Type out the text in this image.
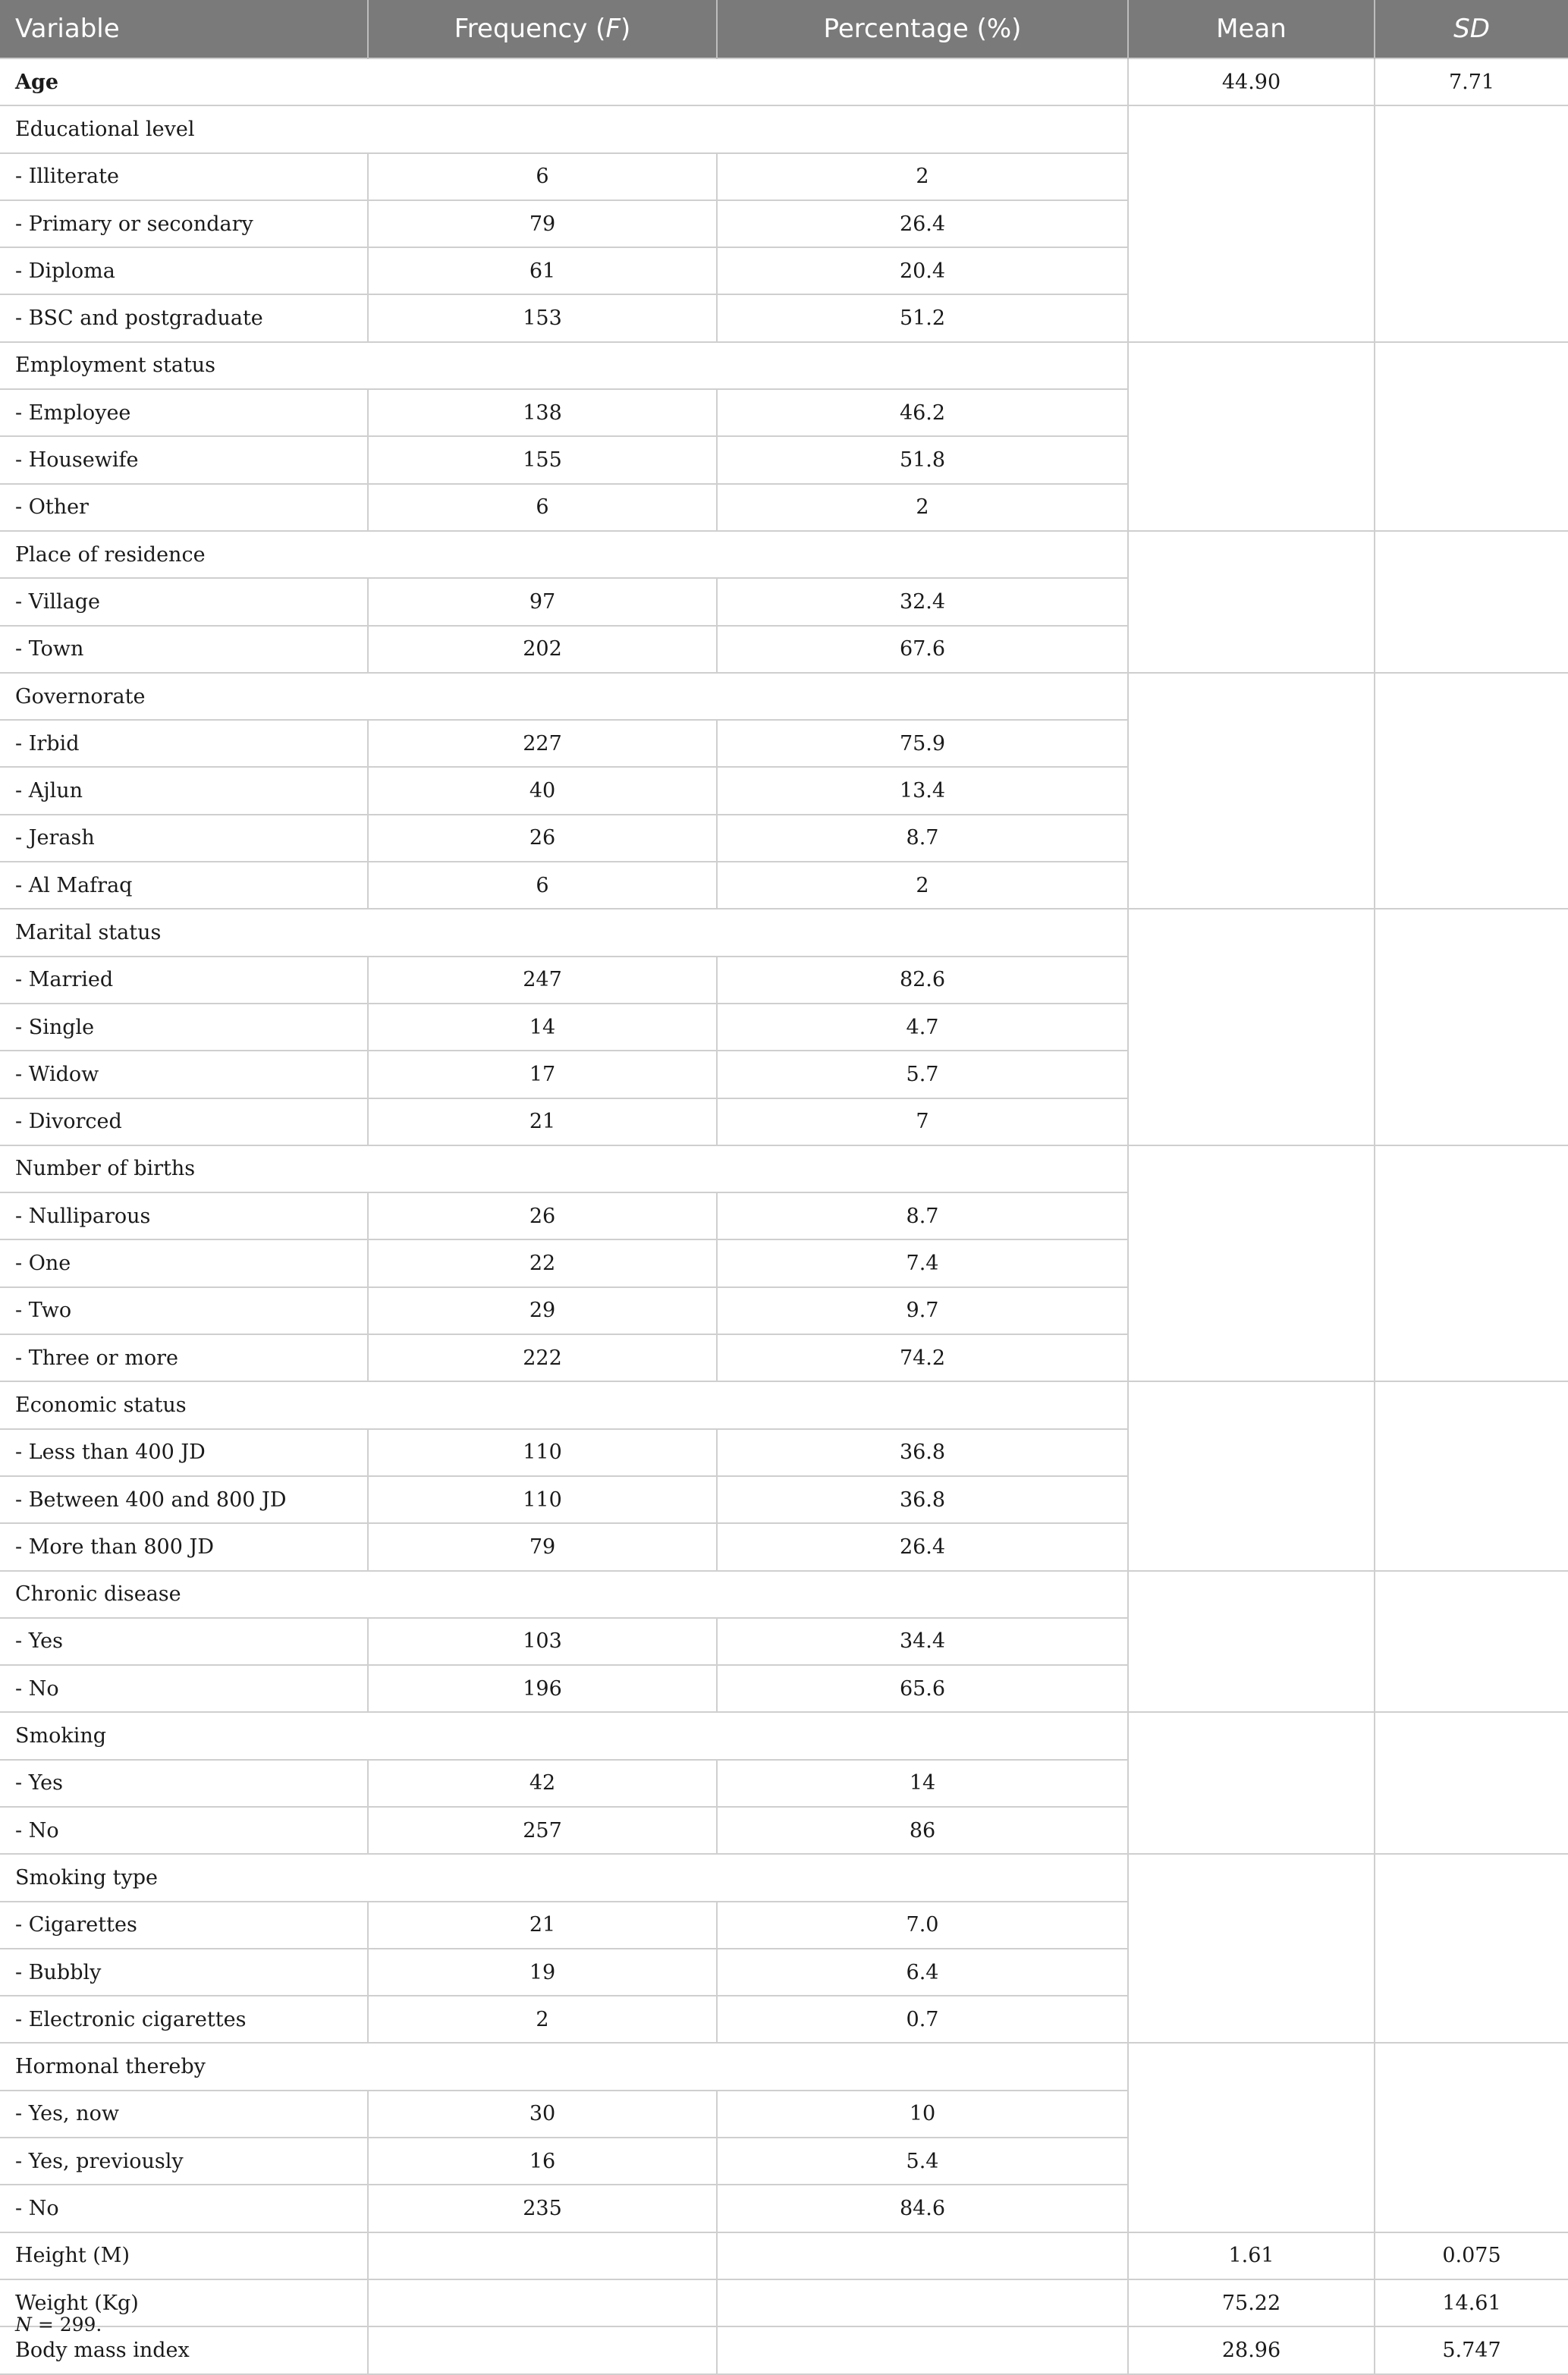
Variable	Frequency (F)	Percentage (%)	Mean	SD
Age			44.90	7.71
Educational level				
- Illiterate	6	2		
- Primary or secondary	79	26.4		
- Diploma	61	20.4		
- BSC and postgraduate	153	51.2		
Employment status				
- Employee	138	46.2		
- Housewife	155	51.8		
- Other	6	2		
Place of residence				
- Village	97	32.4		
- Town	202	67.6		
Governorate				
- Irbid	227	75.9		
- Ajlun	40	13.4		
- Jerash	26	8.7		
- Al Mafraq	6	2		
Marital status				
- Married	247	82.6		
- Single	14	4.7		
- Widow	17	5.7		
- Divorced	21	7		
Number of births				
- Nulliparous	26	8.7		
- One	22	7.4		
- Two	29	9.7		
- Three or more	222	74.2		
Economic status				
- Less than 400 JD	110	36.8		
- Between 400 and 800 JD	110	36.8		
- More than 800 JD	79	26.4		
Chronic disease				
- Yes	103	34.4		
- No	196	65.6		
Smoking				
- Yes	42	14		
- No	257	86		
Smoking type				
- Cigarettes	21	7.0		
- Bubbly	19	6.4		
- Electronic cigarettes	2	0.7		
Hormonal thereby				
- Yes, now	30	10		
- Yes, previously	16	5.4		
- No	235	84.6		
Height (M)			1.61	0.075
Weight (Kg)			75.22	14.61
Body mass index			28.96	5.747
N = 299.
